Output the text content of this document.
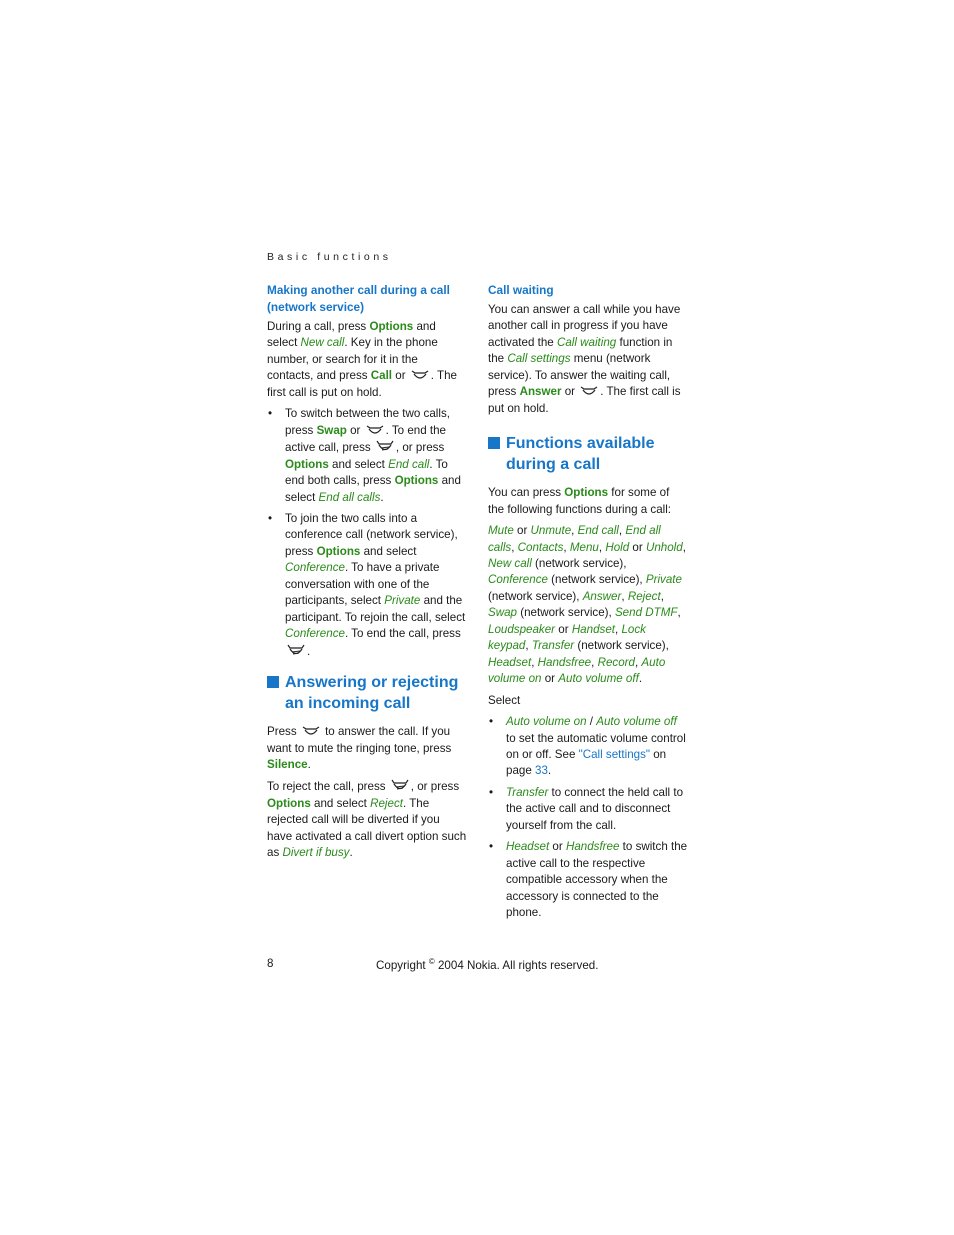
Basic functions
Making another call during a call (network service)

During a call, press Options and select New call. Key in the phone number, or search for it in the contacts, and press Call or
. The first call is put on hold.

• To switch between the two calls, press Swap or
. To end the active call, press
, or press Options and select End call. To end both calls, press Options and select End all calls.
• To join the two calls into a conference call (network service), press Options and select Conference. To have a private conversation with one of the participants, select Private and the participant. To rejoin the call, select Conference. To end the call, press
.
Answering or rejecting an incoming call

Press
to answer the call. If you want to mute the ringing tone, press Silence.

To reject the call, press
, or press Options and select Reject. The rejected call will be diverted if you have activated a call divert option such as Divert if busy.

Call waiting

You can answer a call while you have another call in progress if you have activated the Call waiting function in the Call settings menu (network service). To answer the waiting call, press Answer or
. The first call is put on hold.

Functions available during a call

You can press Options for some of the following functions during a call:

Mute or Unmute, End call, End all calls, Contacts, Menu, Hold or Unhold, New call (network service), Conference (network service), Private (network service), Answer, Reject, Swap (network service), Send DTMF, Loudspeaker or Handset, Lock keypad, Transfer (network service), Headset, Handsfree, Record, Auto volume on or Auto volume off.

Select

• Auto volume on / Auto volume off to set the automatic volume control on or off. See "Call settings" on page 33.
• Transfer to connect the held call to the active call and to disconnect yourself from the call.
• Headset or Handsfree to switch the active call to the respective compatible accessory when the accessory is connected to the phone.
8	Copyright © 2004 Nokia. All rights reserved.
